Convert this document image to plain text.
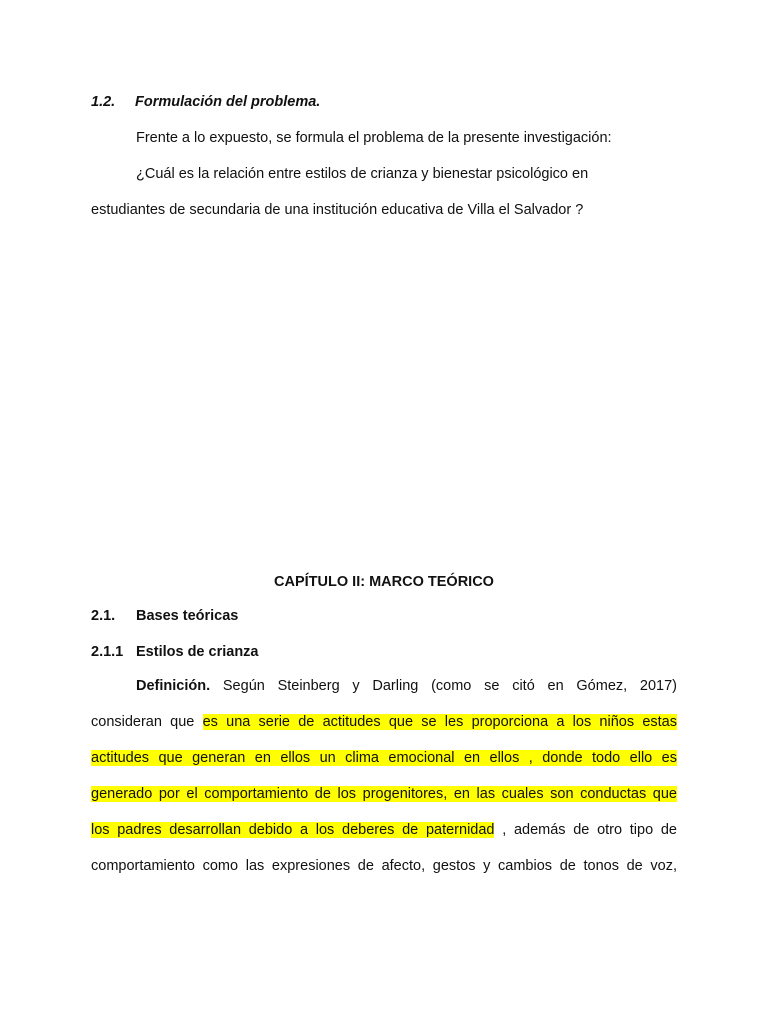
1.2. Formulación del problema.
Frente a lo expuesto, se formula el problema de la presente investigación:
¿Cuál es la relación entre estilos de crianza y bienestar psicológico en
estudiantes de secundaria de una institución educativa de Villa el Salvador ?
CAPÍTULO II: MARCO TEÓRICO
2.1. Bases teóricas
2.1.1 Estilos de crianza
Definición. Según Steinberg y Darling (como se citó en Gómez, 2017)
consideran que es una serie de actitudes que se les proporciona a los niños estas
actitudes que generan en ellos un clima emocional en ellos , donde todo ello es
generado por el comportamiento de los progenitores, en las cuales son conductas que
los padres desarrollan debido a los deberes de paternidad , además de otro tipo de
comportamiento como las expresiones de afecto, gestos y cambios de tonos de voz,
